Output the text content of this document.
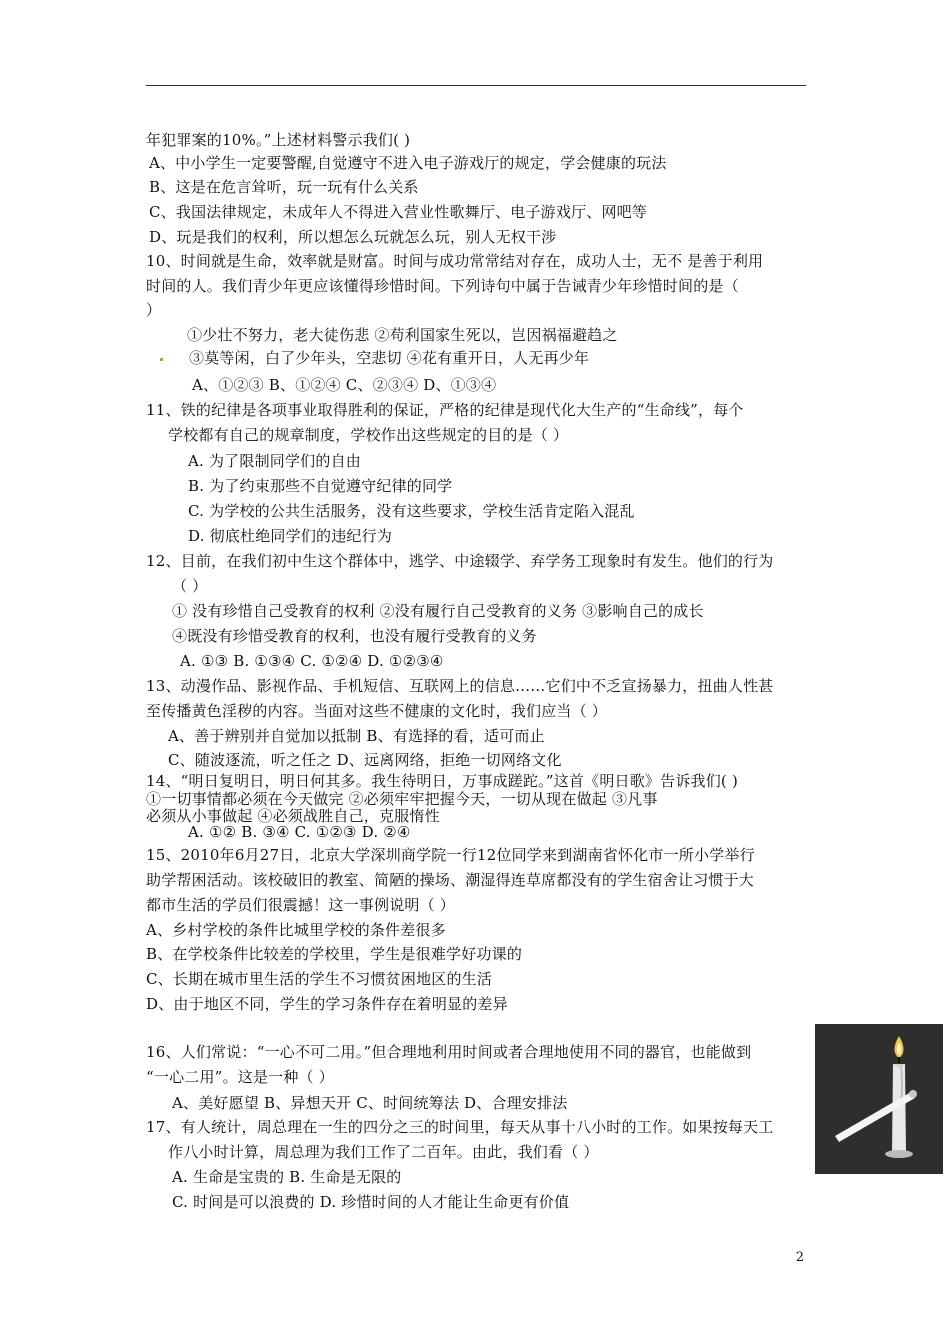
年犯罪案的10%。”上述材料警示我们( )
A、中小学生一定要警醒,自觉遵守不进入电子游戏厅的规定，学会健康的玩法
B、这是在危言耸听，玩一玩有什么关系
C、我国法律规定，未成年人不得进入营业性歌舞厅、电子游戏厅、网吧等
D、玩是我们的权利，所以想怎么玩就怎么玩，别人无权干涉
10、时间就是生命，效率就是财富。时间与成功常常结对存在，成功人士，无不 是善于利用
时间的人。我们青少年更应该懂得珍惜时间。下列诗句中属于告诫青少年珍惜时间的是（
）
①少壮不努力，老大徒伤悲 ②苟利国家生死以，岂因祸福避趋之
③莫等闲，白了少年头，空悲切 ④花有重开日，人无再少年
A、①②③ B、①②④ C、②③④ D、①③④
11、铁的纪律是各项事业取得胜利的保证，严格的纪律是现代化大生产的“生命线”，每个
学校都有自己的规章制度，学校作出这些规定的目的是（ ）
A. 为了限制同学们的自由
B. 为了约束那些不自觉遵守纪律的同学
C. 为学校的公共生活服务，没有这些要求，学校生活肯定陷入混乱
D. 彻底杜绝同学们的违纪行为
12、目前，在我们初中生这个群体中，逃学、中途辍学、弃学务工现象时有发生。他们的行为
（ ）
① 没有珍惜自己受教育的权利 ②没有履行自己受教育的义务 ③影响自己的成长
④既没有珍惜受教育的权利，也没有履行受教育的义务
A. ①③ B. ①③④ C. ①②④ D. ①②③④
13、动漫作品、影视作品、手机短信、互联网上的信息……它们中不乏宣扬暴力，扭曲人性甚
至传播黄色淫秽的内容。当面对这些不健康的文化时，我们应当（ ）
A、善于辨别并自觉加以抵制 B、有选择的看，适可而止
C、随波逐流，听之任之 D、远离网络，拒绝一切网络文化
14、“明日复明日，明日何其多。我生待明日，万事成蹉跎。”这首《明日歌》告诉我们( )
①一切事情都必须在今天做完 ②必须牢牢把握今天，一切从现在做起 ③凡事
必须从小事做起 ④必须战胜自己，克服惰性
A. ①② B. ③④ C. ①②③ D. ②④
15、2010年6月27日，北京大学深圳商学院一行12位同学来到湖南省怀化市一所小学举行
助学帮困活动。该校破旧的教室、简陋的操场、潮湿得连草席都没有的学生宿舍让习惯于大
都市生活的学员们很震撼！这一事例说明（ ）
A、乡村学校的条件比城里学校的条件差很多
B、在学校条件比较差的学校里，学生是很难学好功课的
C、长期在城市里生活的学生不习惯贫困地区的生活
D、由于地区不同，学生的学习条件存在着明显的差异
16、人们常说：“一心不可二用。”但合理地利用时间或者合理地使用不同的器官，也能做到
“一心二用”。这是一种（ ）
A、美好愿望 B、异想天开 C、时间统筹法 D、合理安排法
17、有人统计，周总理在一生的四分之三的时间里，每天从事十八小时的工作。如果按每天工
作八小时计算，周总理为我们工作了二百年。由此，我们看（ ）
A. 生命是宝贵的 B. 生命是无限的
C. 时间是可以浪费的 D. 珍惜时间的人才能让生命更有价值
2
